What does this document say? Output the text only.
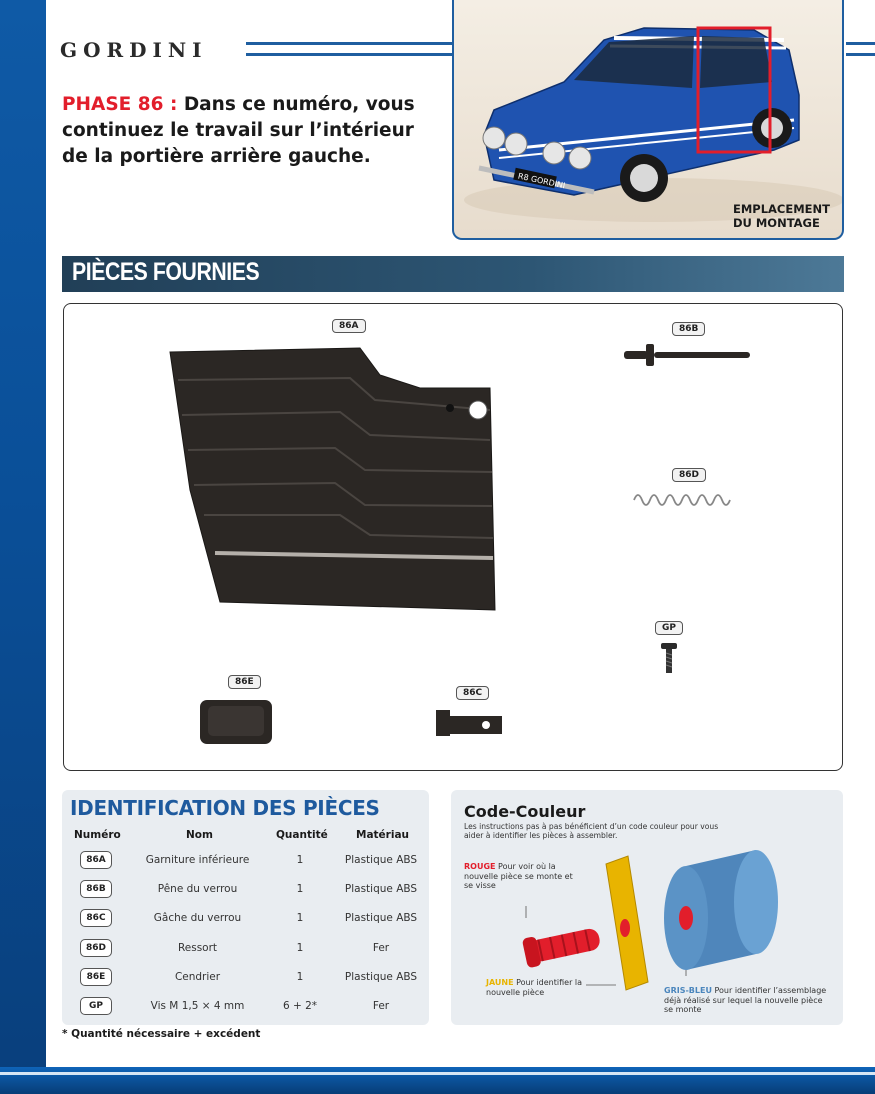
GORDINI
PHASE 86 : Dans ce numéro, vous continuez le travail sur l’intérieur de la portière arrière gauche.
R8 GORDINI
EMPLACEMENT
DU MONTAGE
PIÈCES FOURNIES
86A	86B
86D
GP
86E
86C
IDENTIFICATION DES PIÈCES
Numéro	Nom	Quantité	Matériau
86A	Garniture inférieure	1	Plastique ABS
86B	Pêne du verrou	1	Plastique ABS
86C	Gâche du verrou	1	Plastique ABS
86D	Ressort	1	Fer
86E	Cendrier	1	Plastique ABS
GP	Vis M 1,5 × 4 mm	6 + 2*	Fer
* Quantité nécessaire + excédent
Code-Couleur
Les instructions pas à pas bénéficient d’un code couleur pour vous aider à identifier les pièces à assembler.
ROUGE Pour voir où la nouvelle pièce se monte et se visse
JAUNE Pour identifier la nouvelle pièce	GRIS-BLEU Pour identifier l’assemblage déjà réalisé sur lequel la nouvelle pièce se monte
